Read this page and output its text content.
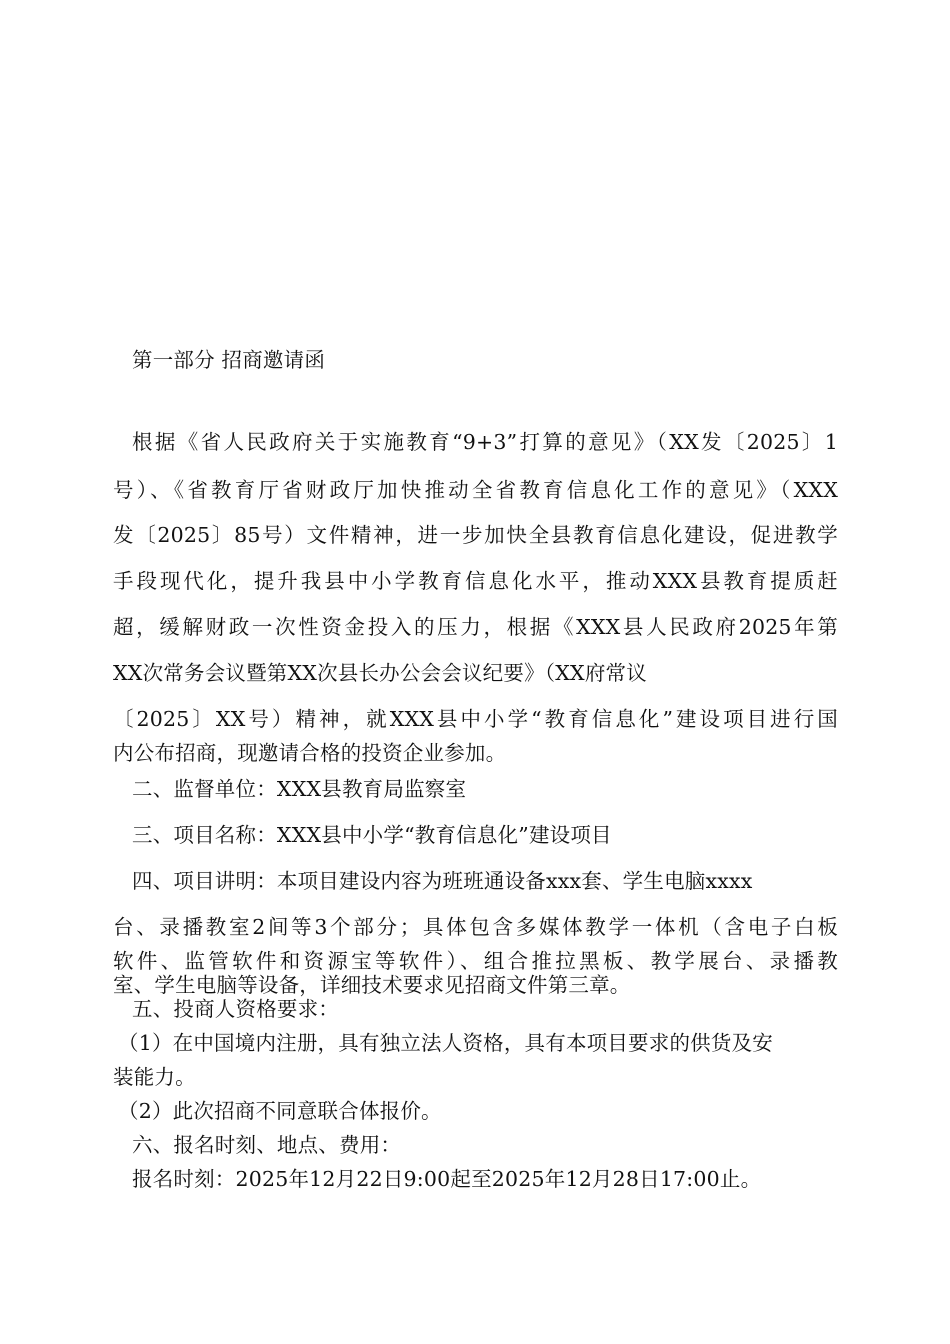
第一部分 招商邀请函
根据《省人民政府关于实施教育“9+3”打算的意见》（XX发〔2025〕1
号）、《省教育厅省财政厅加快推动全省教育信息化工作的意见》（XXX
发〔2025〕85号）文件精神，进一步加快全县教育信息化建设，促进教学
手段现代化，提升我县中小学教育信息化水平，推动XXX县教育提质赶
超，缓解财政一次性资金投入的压力，根据《XXX县人民政府2025年第
XX次常务会议暨第XX次县长办公会会议纪要》（XX府常议
〔2025〕XX号）精神，就XXX县中小学“教育信息化”建设项目进行国
内公布招商，现邀请合格的投资企业参加。
二、监督单位：XXX县教育局监察室
三、项目名称：XXX县中小学“教育信息化”建设项目
四、项目讲明：本项目建设内容为班班通设备xxx套、学生电脑xxxx
台、录播教室2间等3个部分；具体包含多媒体教学一体机（含电子白板
软件、监管软件和资源宝等软件）、组合推拉黑板、教学展台、录播教
室、学生电脑等设备，详细技术要求见招商文件第三章。
五、投商人资格要求：
（1）在中国境内注册，具有独立法人资格，具有本项目要求的供货及安
装能力。
（2）此次招商不同意联合体报价。
六、报名时刻、地点、费用：
报名时刻：2025年12月22日9:00起至2025年12月28日17:00止。
